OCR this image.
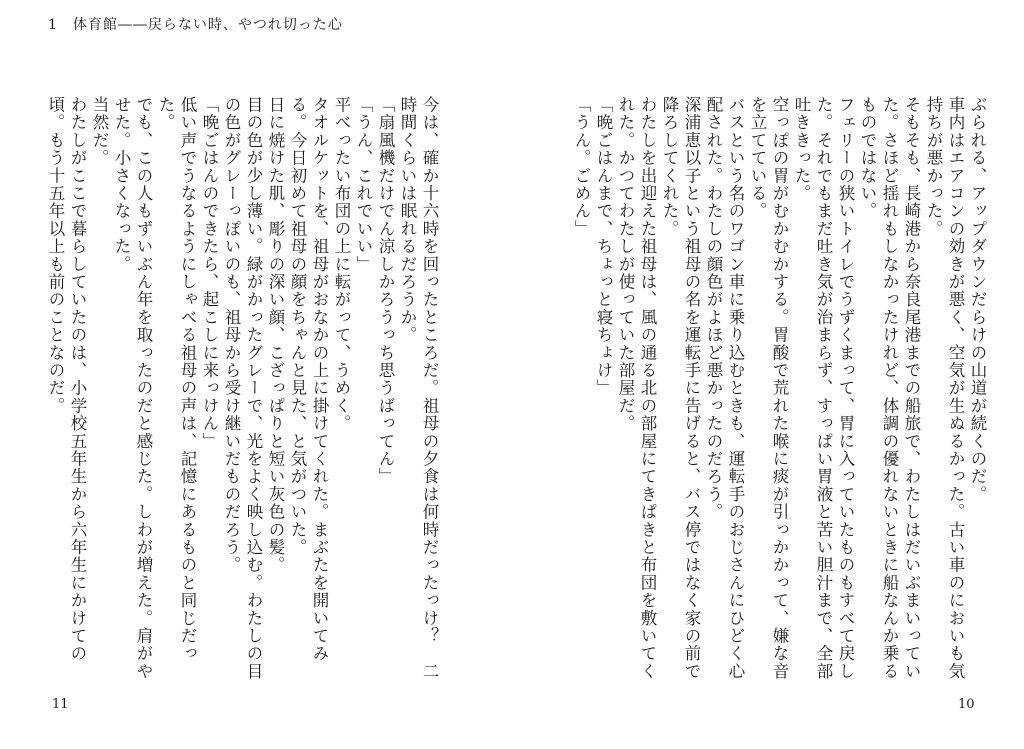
1　体育館――戻らない時、やつれ切った心

今は、確か十六時を回ったところだ。祖母の夕食は何時だったっけ？　二時間くらいは眠れるだろうか。
「扇風機だけでん涼しかろうっち思うばってん」
「うん、これでいい」
平べったい布団の上に転がって、うめく。
タオルケットを、祖母がおなかの上に掛けてくれた。まぶたを開いてみる。今日初めて祖母の顔をちゃんと見た、と気がついた。
日に焼けた肌、彫りの深い顔、こざっぱりと短い灰色の髪。
目の色が少し薄い。緑がかったグレーで、光をよく映し込む。わたしの目の色がグレーっぽいのも、祖母から受け継いだものだろう。
「晩ごはんのできたら、起こしに来っけん」
低い声でうなるようにしゃべる祖母の声は、記憶にあるものと同じだった。
でも、この人もずいぶん年を取ったのだと感じた。しわが増えた。肩がやせた。小さくなった。
当然だ。
わたしがここで暮らしていたのは、小学校五年生から六年生にかけての頃。もう十五年以上も前のことなのだ。	ぶられる、アップダウンだらけの山道が続くのだ。
車内はエアコンの効きが悪く、空気が生ぬるかった。古い車のにおいも気持ちが悪かった。
そもそも、長崎港から奈良尾港までの船旅で、わたしはだいぶまいっていた。さほど揺れもしなかったけれど、体調の優れないときに船なんか乗るものではない。
フェリーの狭いトイレでうずくまって、胃に入っていたものもすべて戻した。それでもまだ吐き気が治まらず、すっぱい胃液と苦い胆汁まで、全部吐ききった。
空っぽの胃がむかむかする。胃酸で荒れた喉に痰が引っかかって、嫌な音を立てている。
バスという名のワゴン車に乗り込むときも、運転手のおじさんにひどく心配された。わたしの顔色がよほど悪かったのだろう。
深浦恵以子という祖母の名を運転手に告げると、バス停ではなく家の前で降ろしてくれた。
わたしを出迎えた祖母は、風の通る北の部屋にてきぱきと布団を敷いてくれた。かつてわたしが使っていた部屋だ。
「晩ごはんまで、ちょっと寝ちょけ」
「うん。ごめん」

11	10
